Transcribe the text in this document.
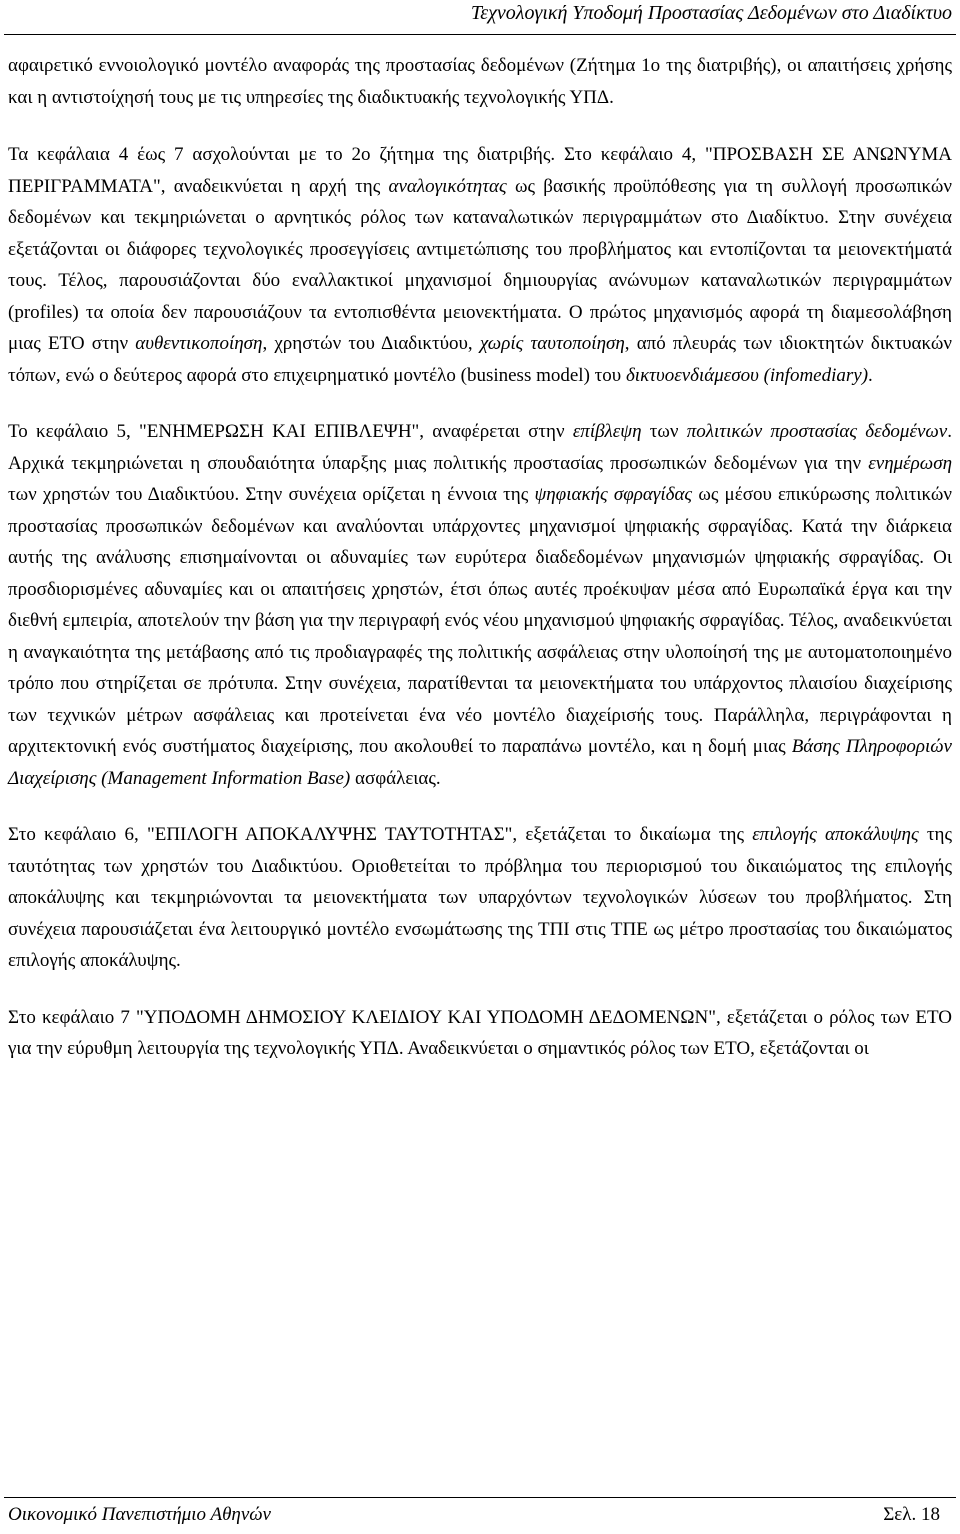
Τεχνολογική Υποδομή Προστασίας Δεδομένων στο Διαδίκτυο

αφαιρετικό εννοιολογικό μοντέλο αναφοράς της προστασίας δεδομένων (Ζήτημα 1ο της διατριβής), οι απαιτήσεις χρήσης και η αντιστοίχησή τους με τις υπηρεσίες της διαδικτυακής τεχνολογικής ΥΠΔ.

Τα κεφάλαια 4 έως 7 ασχολούνται με το 2ο ζήτημα της διατριβής. Στο κεφάλαιο 4, "ΠΡΟΣΒΑΣΗ ΣΕ ΑΝΩΝΥΜΑ ΠΕΡΙΓΡΑΜΜΑΤΑ", αναδεικνύεται η αρχή της αναλογικότητας ως βασικής προϋπόθεσης για τη συλλογή προσωπικών δεδομένων και τεκμηριώνεται ο αρνητικός ρόλος των καταναλωτικών περιγραμμάτων στο Διαδίκτυο. Στην συνέχεια εξετάζονται οι διάφορες τεχνολογικές προσεγγίσεις αντιμετώπισης του προβλήματος και εντοπίζονται τα μειονεκτήματά τους. Τέλος, παρουσιάζονται δύο εναλλακτικοί μηχανισμοί δημιουργίας ανώνυμων καταναλωτικών περιγραμμάτων (profiles) τα οποία δεν παρουσιάζουν τα εντοπισθέντα μειονεκτήματα. Ο πρώτος μηχανισμός αφορά τη διαμεσολάβηση μιας ΕΤΟ στην αυθεντικοποίηση, χρηστών του Διαδικτύου, χωρίς ταυτοποίηση, από πλευράς των ιδιοκτητών δικτυακών τόπων, ενώ ο δεύτερος αφορά στο επιχειρηματικό μοντέλο (business model) του δικτυοενδιάμεσου (infomediary).

Το κεφάλαιο 5, "ΕΝΗΜΕΡΩΣΗ ΚΑΙ ΕΠΙΒΛΕΨΗ", αναφέρεται στην επίβλεψη των πολιτικών προστασίας δεδομένων. Αρχικά τεκμηριώνεται η σπουδαιότητα ύπαρξης μιας πολιτικής προστασίας προσωπικών δεδομένων για την ενημέρωση των χρηστών του Διαδικτύου. Στην συνέχεια ορίζεται η έννοια της ψηφιακής σφραγίδας ως μέσου επικύρωσης πολιτικών προστασίας προσωπικών δεδομένων και αναλύονται υπάρχοντες μηχανισμοί ψηφιακής σφραγίδας. Κατά την διάρκεια αυτής της ανάλυσης επισημαίνονται οι αδυναμίες των ευρύτερα διαδεδομένων μηχανισμών ψηφιακής σφραγίδας. Οι προσδιορισμένες αδυναμίες και οι απαιτήσεις χρηστών, έτσι όπως αυτές προέκυψαν μέσα από Ευρωπαϊκά έργα και την διεθνή εμπειρία, αποτελούν την βάση για την περιγραφή ενός νέου μηχανισμού ψηφιακής σφραγίδας. Τέλος, αναδεικνύεται η αναγκαιότητα της μετάβασης από τις προδιαγραφές της πολιτικής ασφάλειας στην υλοποίησή της με αυτοματοποιημένο τρόπο που στηρίζεται σε πρότυπα. Στην συνέχεια, παρατίθενται τα μειονεκτήματα του υπάρχοντος πλαισίου διαχείρισης των τεχνικών μέτρων ασφάλειας και προτείνεται ένα νέο μοντέλο διαχείρισής τους. Παράλληλα, περιγράφονται η αρχιτεκτονική ενός συστήματος διαχείρισης, που ακολουθεί το παραπάνω μοντέλο, και η δομή μιας Βάσης Πληροφοριών Διαχείρισης (Management Information Base) ασφάλειας.

Στο κεφάλαιο 6, "ΕΠΙΛΟΓΗ ΑΠΟΚΑΛΥΨΗΣ ΤΑΥΤΟΤΗΤΑΣ", εξετάζεται το δικαίωμα της επιλογής αποκάλυψης της ταυτότητας των χρηστών του Διαδικτύου. Οριοθετείται το πρόβλημα του περιορισμού του δικαιώματος της επιλογής αποκάλυψης και τεκμηριώνονται τα μειονεκτήματα των υπαρχόντων τεχνολογικών λύσεων του προβλήματος. Στη συνέχεια παρουσιάζεται ένα λειτουργικό μοντέλο ενσωμάτωσης της ΤΠΙ στις ΤΠΕ ως μέτρο προστασίας του δικαιώματος επιλογής αποκάλυψης.

Στο κεφάλαιο 7 "ΥΠΟΔΟΜΗ ΔΗΜΟΣΙΟΥ ΚΛΕΙΔΙΟΥ ΚΑΙ ΥΠΟΔΟΜΗ ΔΕΔΟΜΕΝΩΝ", εξετάζεται ο ρόλος των ΕΤΟ για την εύρυθμη λειτουργία της τεχνολογικής ΥΠΔ. Αναδεικνύεται ο σημαντικός ρόλος των ΕΤΟ, εξετάζονται οι

Οικονομικό Πανεπιστήμιο Αθηνών	Σελ. 18
